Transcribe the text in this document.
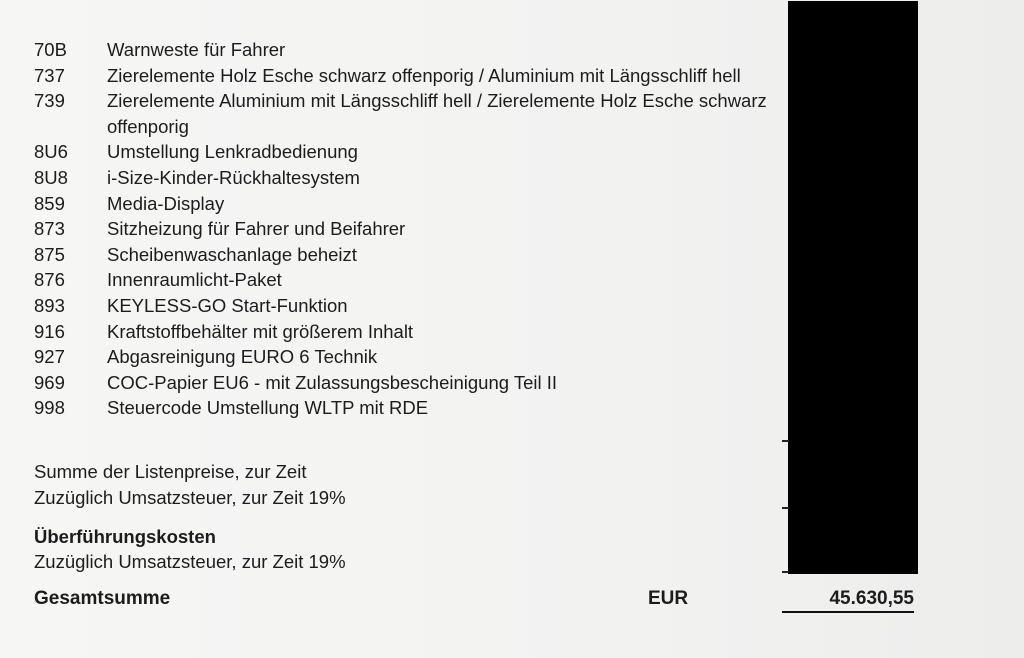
70B	Warnweste für Fahrer
737	Zierelemente Holz Esche schwarz offenporig / Aluminium mit Längsschliff hell
739	Zierelemente Aluminium mit Längsschliff hell / Zierelemente Holz Esche schwarz offenporig
8U6	Umstellung Lenkradbedienung
8U8	i-Size-Kinder-Rückhaltesystem
859	Media-Display
873	Sitzheizung für Fahrer und Beifahrer
875	Scheibenwaschanlage beheizt
876	Innenraumlicht-Paket
893	KEYLESS-GO Start-Funktion
916	Kraftstoffbehälter mit größerem Inhalt
927	Abgasreinigung EURO 6 Technik
969	COC-Papier EU6 - mit Zulassungsbescheinigung Teil II
998	Steuercode Umstellung WLTP mit RDE
Summe der Listenpreise, zur Zeit
Zuzüglich Umsatzsteuer, zur Zeit 19%
Überführungskosten
Zuzüglich Umsatzsteuer, zur Zeit 19%
Gesamtsumme	EUR	45.630,55
